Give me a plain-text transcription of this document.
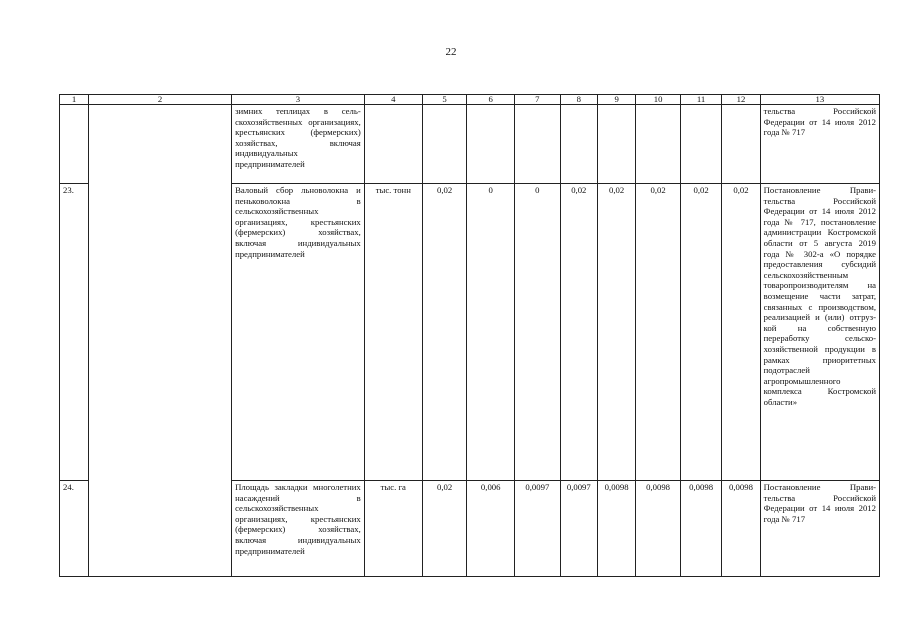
22
1	2	3	4	5	6	7	8	9	10	11	12	13
		зимних теплицах в сельскохозяйственных организациях, крестьянских (фермерских) хозяйствах, включая индивидуальных предпринимателей										тельства Российской Федерации от 14 июля 2012 года № 717
23.		Валовый сбор льноволокна и пеньковолокна в сельскохозяйственных организациях, крестьянских (фермерских) хозяйствах, включая индивидуальных предпринимателей	тыс. тонн	0,02	0	0	0,02	0,02	0,02	0,02	0,02	Постановление Правительства Российской Федерации от 14 июля 2012 года № 717, постановление администрации Костромской области от 5 августа 2019 года № 302-а «О порядке предоставления субсидий сельскохозяйственным товаропроизводителям на возмещение части затрат, связанных с производством, реализацией и (или) отгрузкой на собственную переработку сельскохозяйственной продукции в рамках приоритетных подотраслей агропромышленного комплекса Костромской области»
24.		Площадь закладки многолетних насаждений в сельскохозяйственных организациях, крестьянских (фермерских) хозяйствах, включая индивидуальных предпринимателей	тыс. га	0,02	0,006	0,0097	0,0097	0,0098	0,0098	0,0098	0,0098	Постановление Правительства Российской Федерации от 14 июля 2012 года № 717
